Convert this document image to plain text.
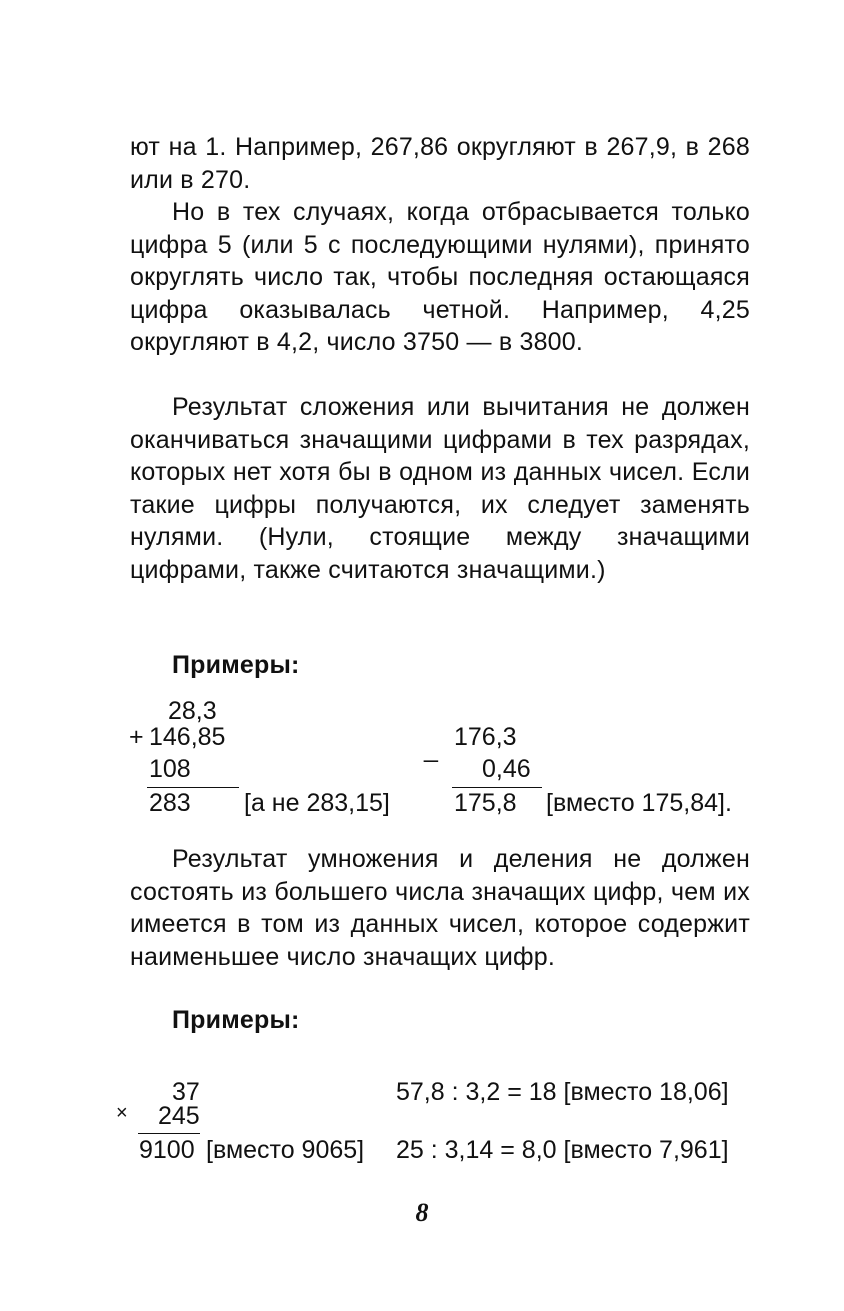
ют на 1. Например, 267,86 округляют в 267,9, в 268 или в 270.

Но в тех случаях, когда отбрасывается только цифра 5 (или 5 с последующими нулями), принято округлять число так, чтобы последняя остающаяся цифра оказывалась четной. Например, 4,25 округляют в 4,2, число 3750 — в 3800.

Результат сложения или вычитания не должен оканчиваться значащими цифрами в тех разрядах, которых нет хотя бы в одном из данных чисел. Если такие цифры получаются, их следует заменять нулями. (Нули, стоящие между значащими цифрами, также считаются значащими.)

Примеры:
28,3
+ 146,85
108
283 [а не 283,15]
_ 176,3
0,46
175,8 [вместо 175,84].

Результат умножения и деления не должен состоять из большего числа значащих цифр, чем их имеется в том из данных чисел, которое содержит наименьшее число значащих цифр.

Примеры:
37
× 245
9100 [вместо 9065]
57,8 : 3,2 = 18 [вместо 18,06]
25 : 3,14 = 8,0 [вместо 7,961]
8
